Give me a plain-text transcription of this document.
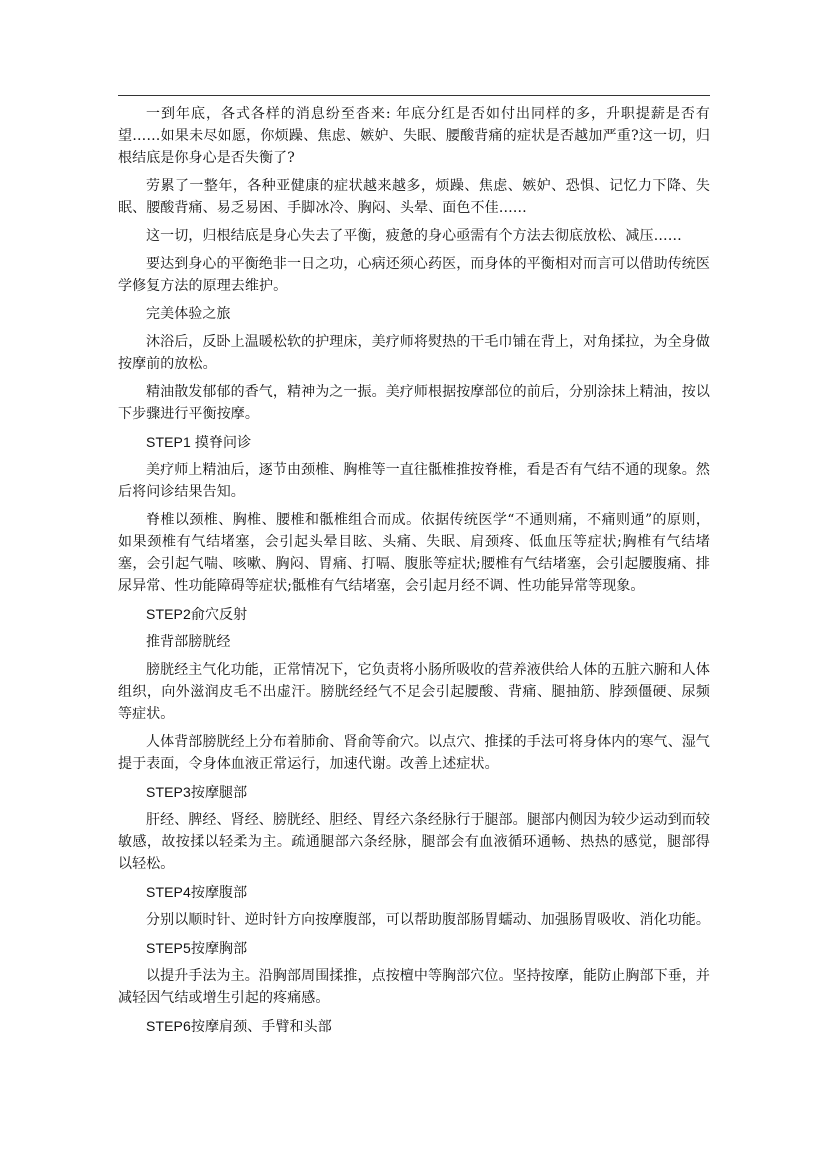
一到年底，各式各样的消息纷至沓来: 年底分红是否如付出同样的多，升职提薪是否有望……如果未尽如愿，你烦躁、焦虑、嫉妒、失眠、腰酸背痛的症状是否越加严重?这一切，归根结底是你身心是否失衡了?

劳累了一整年，各种亚健康的症状越来越多，烦躁、焦虑、嫉妒、恐惧、记忆力下降、失眠、腰酸背痛、易乏易困、手脚冰冷、胸闷、头晕、面色不佳……

这一切，归根结底是身心失去了平衡，疲惫的身心亟需有个方法去彻底放松、减压……

要达到身心的平衡绝非一日之功，心病还须心药医，而身体的平衡相对而言可以借助传统医学修复方法的原理去维护。

完美体验之旅

沐浴后，反卧上温暖松软的护理床，美疗师将熨热的干毛巾铺在背上，对角揉拉，为全身做按摩前的放松。

精油散发郁郁的香气，精神为之一振。美疗师根据按摩部位的前后，分别涂抹上精油，按以下步骤进行平衡按摩。

STEP1 摸脊问诊

美疗师上精油后，逐节由颈椎、胸椎等一直往骶椎推按脊椎，看是否有气结不通的现象。然后将问诊结果告知。

脊椎以颈椎、胸椎、腰椎和骶椎组合而成。依据传统医学“不通则痛，不痛则通”的原则，如果颈椎有气结堵塞，会引起头晕目眩、头痛、失眠、肩颈疼、低血压等症状;胸椎有气结堵塞，会引起气喘、咳嗽、胸闷、胃痛、打嗝、腹胀等症状;腰椎有气结堵塞，会引起腰腹痛、排尿异常、性功能障碍等症状;骶椎有气结堵塞，会引起月经不调、性功能异常等现象。

STEP2俞穴反射

推背部膀胱经

膀胱经主气化功能，正常情况下，它负责将小肠所吸收的营养液供给人体的五脏六腑和人体组织，向外滋润皮毛不出虚汗。膀胱经经气不足会引起腰酸、背痛、腿抽筋、脖颈僵硬、尿频等症状。

人体背部膀胱经上分布着肺俞、肾俞等俞穴。以点穴、推揉的手法可将身体内的寒气、湿气提于表面，令身体血液正常运行，加速代谢。改善上述症状。

STEP3按摩腿部

肝经、脾经、肾经、膀胱经、胆经、胃经六条经脉行于腿部。腿部内侧因为较少运动到而较敏感，故按揉以轻柔为主。疏通腿部六条经脉，腿部会有血液循环通畅、热热的感觉，腿部得以轻松。

STEP4按摩腹部

分别以顺时针、逆时针方向按摩腹部，可以帮助腹部肠胃蠕动、加强肠胃吸收、消化功能。

STEP5按摩胸部

以提升手法为主。沿胸部周围揉推，点按檀中等胸部穴位。坚持按摩，能防止胸部下垂，并减轻因气结或增生引起的疼痛感。

STEP6按摩肩颈、手臂和头部
